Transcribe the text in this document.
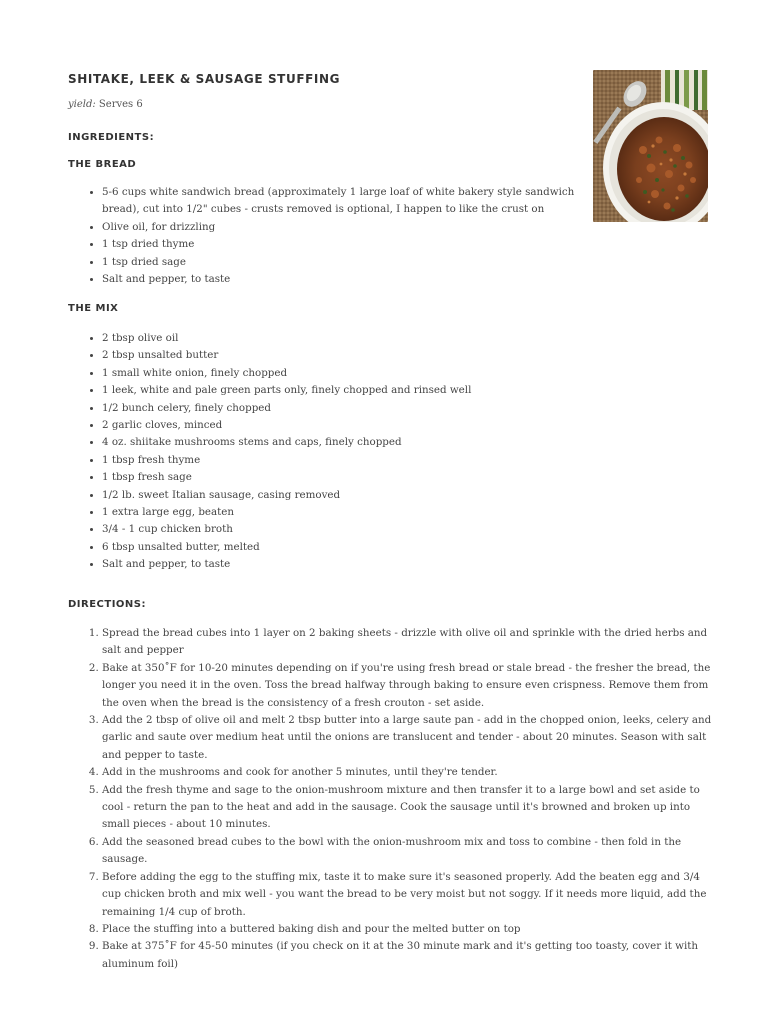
SHITAKE, LEEK & SAUSAGE STUFFING
yield: Serves 6
INGREDIENTS:
THE BREAD
• 5-6 cups white sandwich bread (approximately 1 large loaf of white bakery style sandwich bread), cut into 1/2" cubes - crusts removed is optional, I happen to like the crust on
• Olive oil, for drizzling
• 1 tsp dried thyme
• 1 tsp dried sage
• Salt and pepper, to taste
THE MIX
• 2 tbsp olive oil
• 2 tbsp unsalted butter
• 1 small white onion, finely chopped
• 1 leek, white and pale green parts only, finely chopped and rinsed well
• 1/2 bunch celery, finely chopped
• 2 garlic cloves, minced
• 4 oz. shiitake mushrooms stems and caps, finely chopped
• 1 tbsp fresh thyme
• 1 tbsp fresh sage
• 1/2 lb. sweet Italian sausage, casing removed
• 1 extra large egg, beaten
• 3/4 - 1 cup chicken broth
• 6 tbsp unsalted butter, melted
• Salt and pepper, to taste
DIRECTIONS:
1. Spread the bread cubes into 1 layer on 2 baking sheets - drizzle with olive oil and sprinkle with the dried herbs and salt and pepper
2. Bake at 350˚F for 10-20 minutes depending on if you're using fresh bread or stale bread - the fresher the bread, the longer you need it in the oven. Toss the bread halfway through baking to ensure even crispness. Remove them from the oven when the bread is the consistency of a fresh crouton - set aside.
3. Add the 2 tbsp of olive oil and melt 2 tbsp butter into a large saute pan - add in the chopped onion, leeks, celery and garlic and saute over medium heat until the onions are translucent and tender - about 20 minutes. Season with salt and pepper to taste.
4. Add in the mushrooms and cook for another 5 minutes, until they're tender.
5. Add the fresh thyme and sage to the onion-mushroom mixture and then transfer it to a large bowl and set aside to cool - return the pan to the heat and add in the sausage. Cook the sausage until it's browned and broken up into small pieces - about 10 minutes.
6. Add the seasoned bread cubes to the bowl with the onion-mushroom mix and toss to combine - then fold in the sausage.
7. Before adding the egg to the stuffing mix, taste it to make sure it's seasoned properly. Add the beaten egg and 3/4 cup chicken broth and mix well - you want the bread to be very moist but not soggy. If it needs more liquid, add the remaining 1/4 cup of broth.
8. Place the stuffing into a buttered baking dish and pour the melted butter on top
9. Bake at 375˚F for 45-50 minutes (if you check on it at the 30 minute mark and it's getting too toasty, cover it with aluminum foil)
